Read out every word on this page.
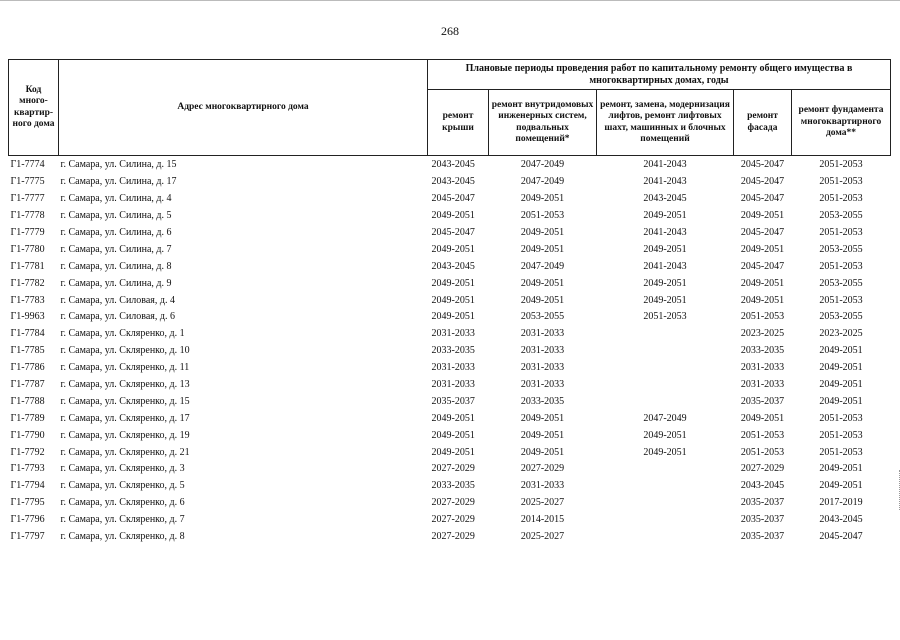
268
Код много-квартир-ного дома	Адрес многоквартирного дома	Плановые периоды проведения работ по капитальному ремонту общего имущества в многоквартирных домах, годы				
		ремонт крыши	ремонт внутридомовых инженерных систем, подвальных помещений*	ремонт, замена, модернизация лифтов, ремонт лифтовых шахт, машинных и блочных помещений	ремонт фасада	ремонт фундамента многоквартирного дома**
Г1-7774	г. Самара, ул. Силина, д. 15	2043-2045	2047-2049	2041-2043	2045-2047	2051-2053
Г1-7775	г. Самара, ул. Силина, д. 17	2043-2045	2047-2049	2041-2043	2045-2047	2051-2053
Г1-7777	г. Самара, ул. Силина, д. 4	2045-2047	2049-2051	2043-2045	2045-2047	2051-2053
Г1-7778	г. Самара, ул. Силина, д. 5	2049-2051	2051-2053	2049-2051	2049-2051	2053-2055
Г1-7779	г. Самара, ул. Силина, д. 6	2045-2047	2049-2051	2041-2043	2045-2047	2051-2053
Г1-7780	г. Самара, ул. Силина, д. 7	2049-2051	2049-2051	2049-2051	2049-2051	2053-2055
Г1-7781	г. Самара, ул. Силина, д. 8	2043-2045	2047-2049	2041-2043	2045-2047	2051-2053
Г1-7782	г. Самара, ул. Силина, д. 9	2049-2051	2049-2051	2049-2051	2049-2051	2053-2055
Г1-7783	г. Самара, ул. Силовая, д. 4	2049-2051	2049-2051	2049-2051	2049-2051	2051-2053
Г1-9963	г. Самара, ул. Силовая, д. 6	2049-2051	2053-2055	2051-2053	2051-2053	2053-2055
Г1-7784	г. Самара, ул. Скляренко, д. 1	2031-2033	2031-2033		2023-2025	2023-2025
Г1-7785	г. Самара, ул. Скляренко, д. 10	2033-2035	2031-2033		2033-2035	2049-2051
Г1-7786	г. Самара, ул. Скляренко, д. 11	2031-2033	2031-2033		2031-2033	2049-2051
Г1-7787	г. Самара, ул. Скляренко, д. 13	2031-2033	2031-2033		2031-2033	2049-2051
Г1-7788	г. Самара, ул. Скляренко, д. 15	2035-2037	2033-2035		2035-2037	2049-2051
Г1-7789	г. Самара, ул. Скляренко, д. 17	2049-2051	2049-2051	2047-2049	2049-2051	2051-2053
Г1-7790	г. Самара, ул. Скляренко, д. 19	2049-2051	2049-2051	2049-2051	2051-2053	2051-2053
Г1-7792	г. Самара, ул. Скляренко, д. 21	2049-2051	2049-2051	2049-2051	2051-2053	2051-2053
Г1-7793	г. Самара, ул. Скляренко, д. 3	2027-2029	2027-2029		2027-2029	2049-2051
Г1-7794	г. Самара, ул. Скляренко, д. 5	2033-2035	2031-2033		2043-2045	2049-2051
Г1-7795	г. Самара, ул. Скляренко, д. 6	2027-2029	2025-2027		2035-2037	2017-2019
Г1-7796	г. Самара, ул. Скляренко, д. 7	2027-2029	2014-2015		2035-2037	2043-2045
Г1-7797	г. Самара, ул. Скляренко, д. 8	2027-2029	2025-2027		2035-2037	2045-2047
